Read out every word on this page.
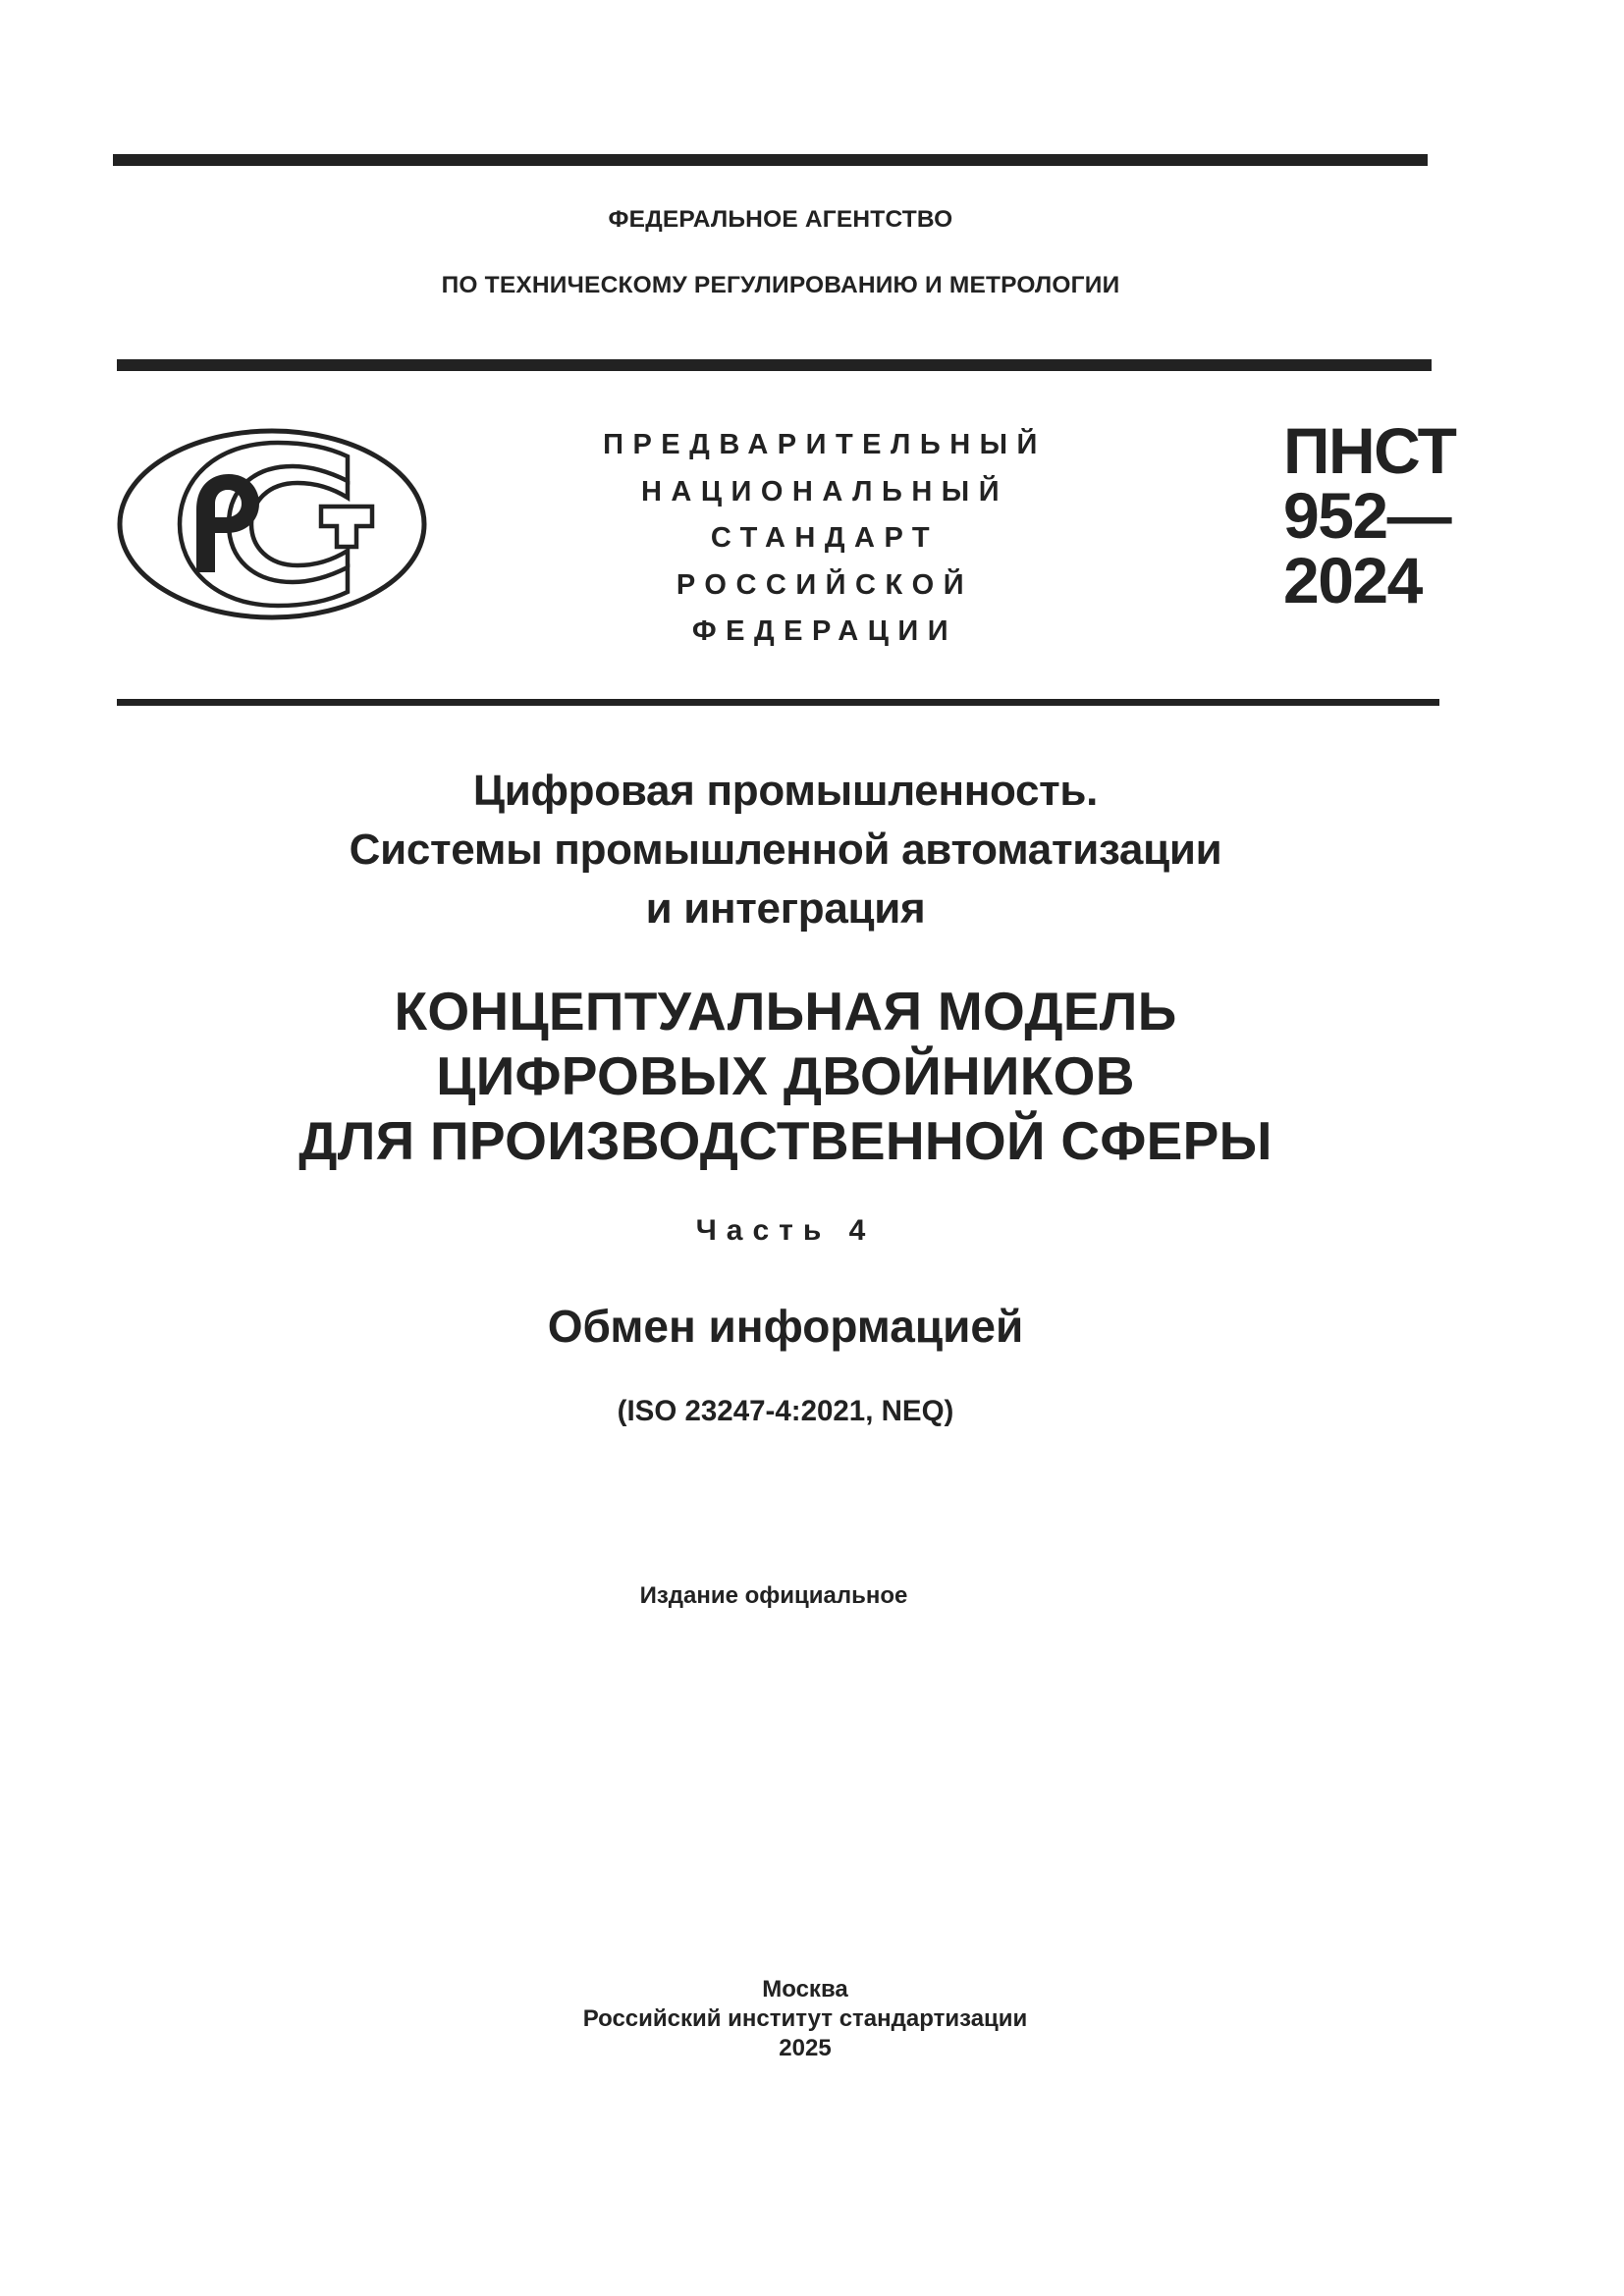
ФЕДЕРАЛЬНОЕ АГЕНТСТВО
ПО ТЕХНИЧЕСКОМУ РЕГУЛИРОВАНИЮ И МЕТРОЛОГИИ
ПРЕДВАРИТЕЛЬНЫЙ
НАЦИОНАЛЬНЫЙ
СТАНДАРТ
РОССИЙСКОЙ
ФЕДЕРАЦИИ
ПНСТ
952—
2024
Цифровая промышленность.
Системы промышленной автоматизации
и интеграция
КОНЦЕПТУАЛЬНАЯ МОДЕЛЬ
ЦИФРОВЫХ ДВОЙНИКОВ
ДЛЯ ПРОИЗВОДСТВЕННОЙ СФЕРЫ
Часть 4
Обмен информацией
(ISO 23247-4:2021, NEQ)
Издание официальное
Москва
Российский институт стандартизации
2025
